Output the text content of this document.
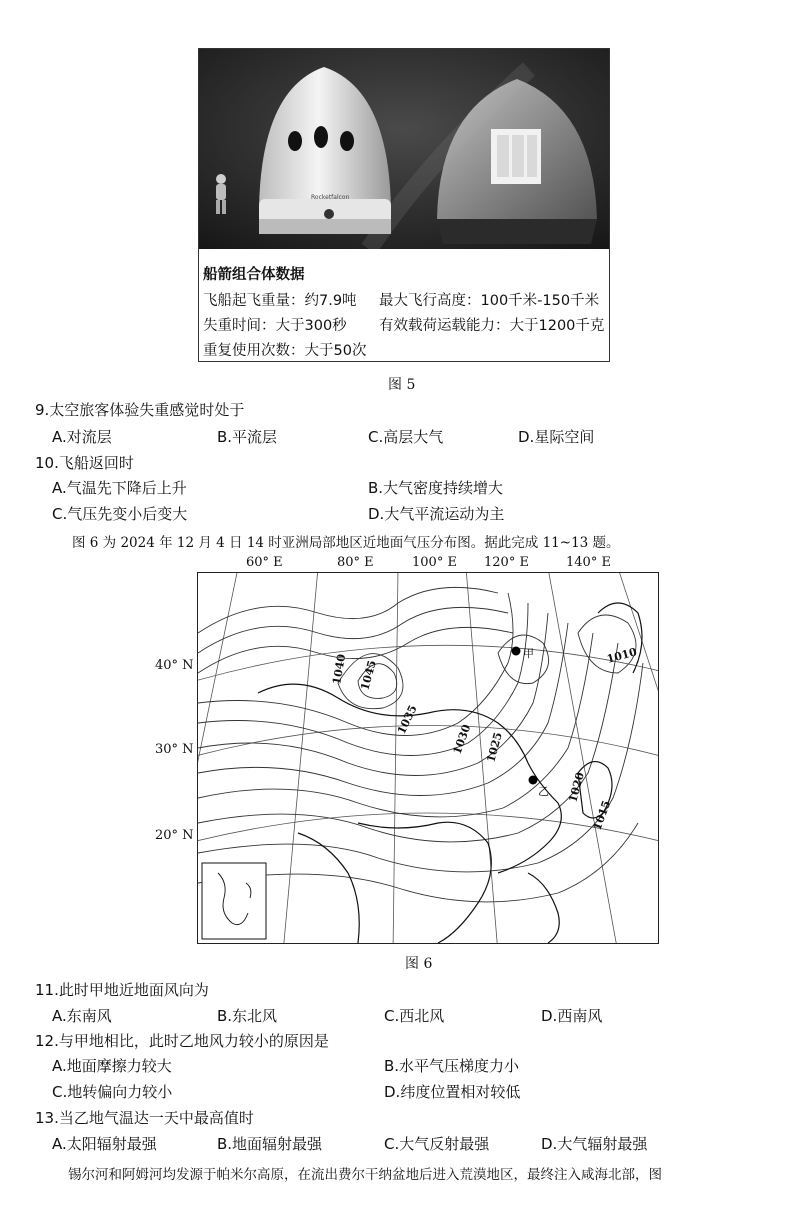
Rocketfalcon
船箭组合体数据
飞船起飞重量：约7.9吨 最大飞行高度：100千米-150千米
失重时间：大于300秒 有效载荷运载能力：大于1200千克
重复使用次数：大于50次
图 5
9.太空旅客体验失重感觉时处于
A.对流层	B.平流层	C.高层大气	D.星际空间
10.飞船返回时
A.气温先下降后上升	B.大气密度持续增大
C.气压先变小后变大	D.大气平流运动为主
图 6 为 2024 年 12 月 4 日 14 时亚洲局部地区近地面气压分布图。据此完成 11~13 题。
60° E	80° E	100° E 120° E	140° E
40° N
30° N
20° N
1040 1045
1035
1030 1025
1020
1015
1010
甲
乙
图 6
11.此时甲地近地面风向为
A.东南风	B.东北风	C.西北风	D.西南风
12.与甲地相比，此时乙地风力较小的原因是
A.地面摩擦力较大	B.水平气压梯度力小
C.地转偏向力较小	D.纬度位置相对较低
13.当乙地气温达一天中最高值时
A.太阳辐射最强	B.地面辐射最强	C.大气反射最强	D.大气辐射最强
锡尔河和阿姆河均发源于帕米尔高原，在流出费尔干纳盆地后进入荒漠地区，最终注入咸海北部，图
